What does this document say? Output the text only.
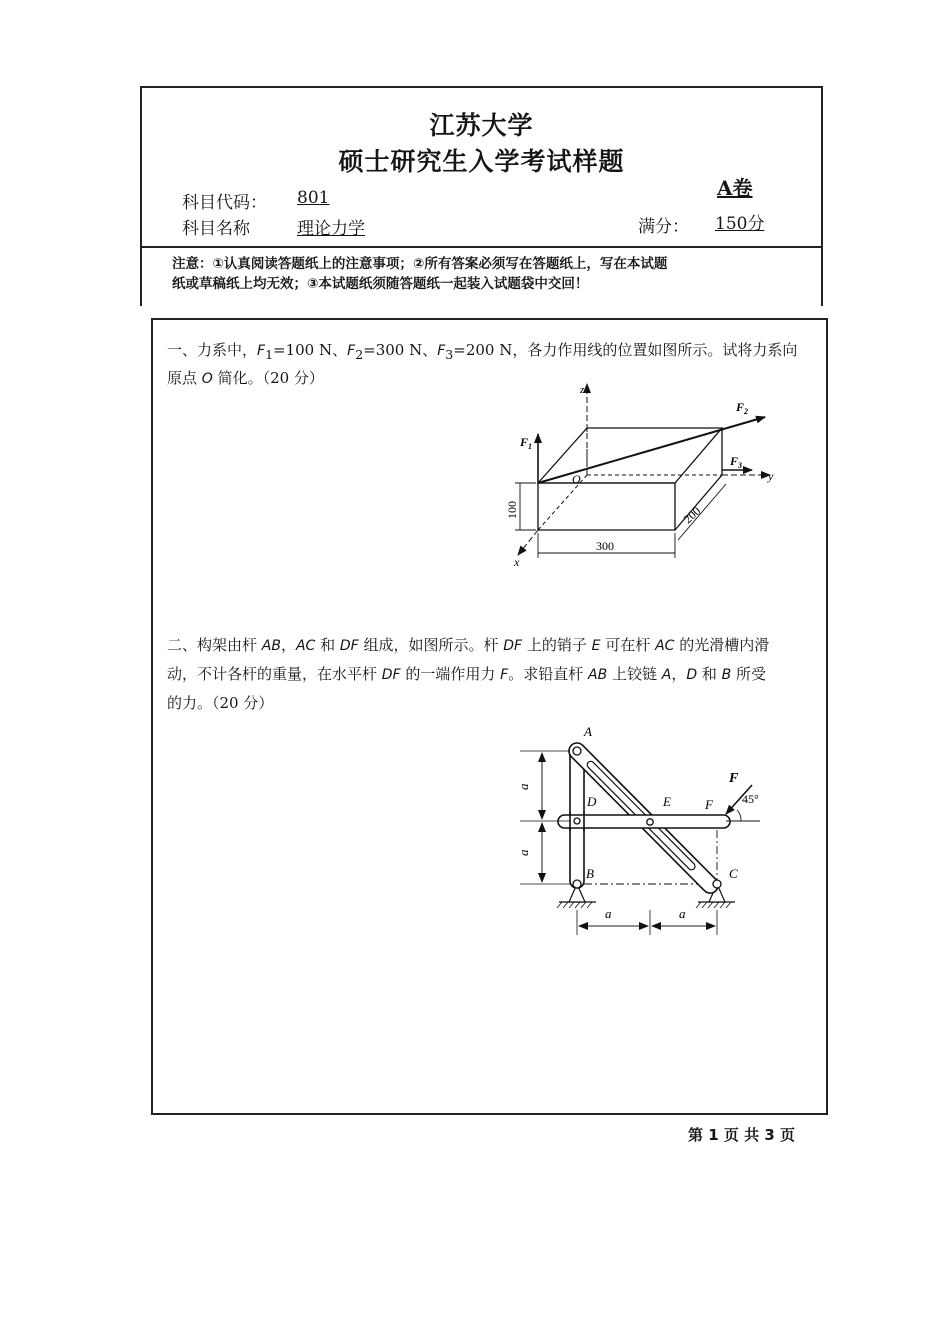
江苏大学
硕士研究生入学考试样题
A卷
科目代码： 801
科目名称	理论力学	满分： 150分
注意：①认真阅读答题纸上的注意事项；②所有答案必须写在答题纸上，写在本试题
纸或草稿纸上均无效；③本试题纸须随答题纸一起装入试题袋中交回！
一、力系中，$F_1=100$ N、$F_2=300$ N、$F_3=200$ N，各力作用线的位置如图所示。试将力系向
原点 O 简化。（20 分）
z
y
x
O
$F_1$
$F_2$
$F_3$
100
300
200
二、构架由杆 AB，AC 和 DF 组成，如图所示。杆 DF 上的销子 E 可在杆 AC 的光滑槽内滑
动，不计各杆的重量，在水平杆 DF 的一端作用力 F。求铅直杆 AB 上铰链 A，D 和 B 所受
的力。（20 分）
A
D	E	F
B	C
F
45°
a
a
a	a
第 1 页 共 3 页
